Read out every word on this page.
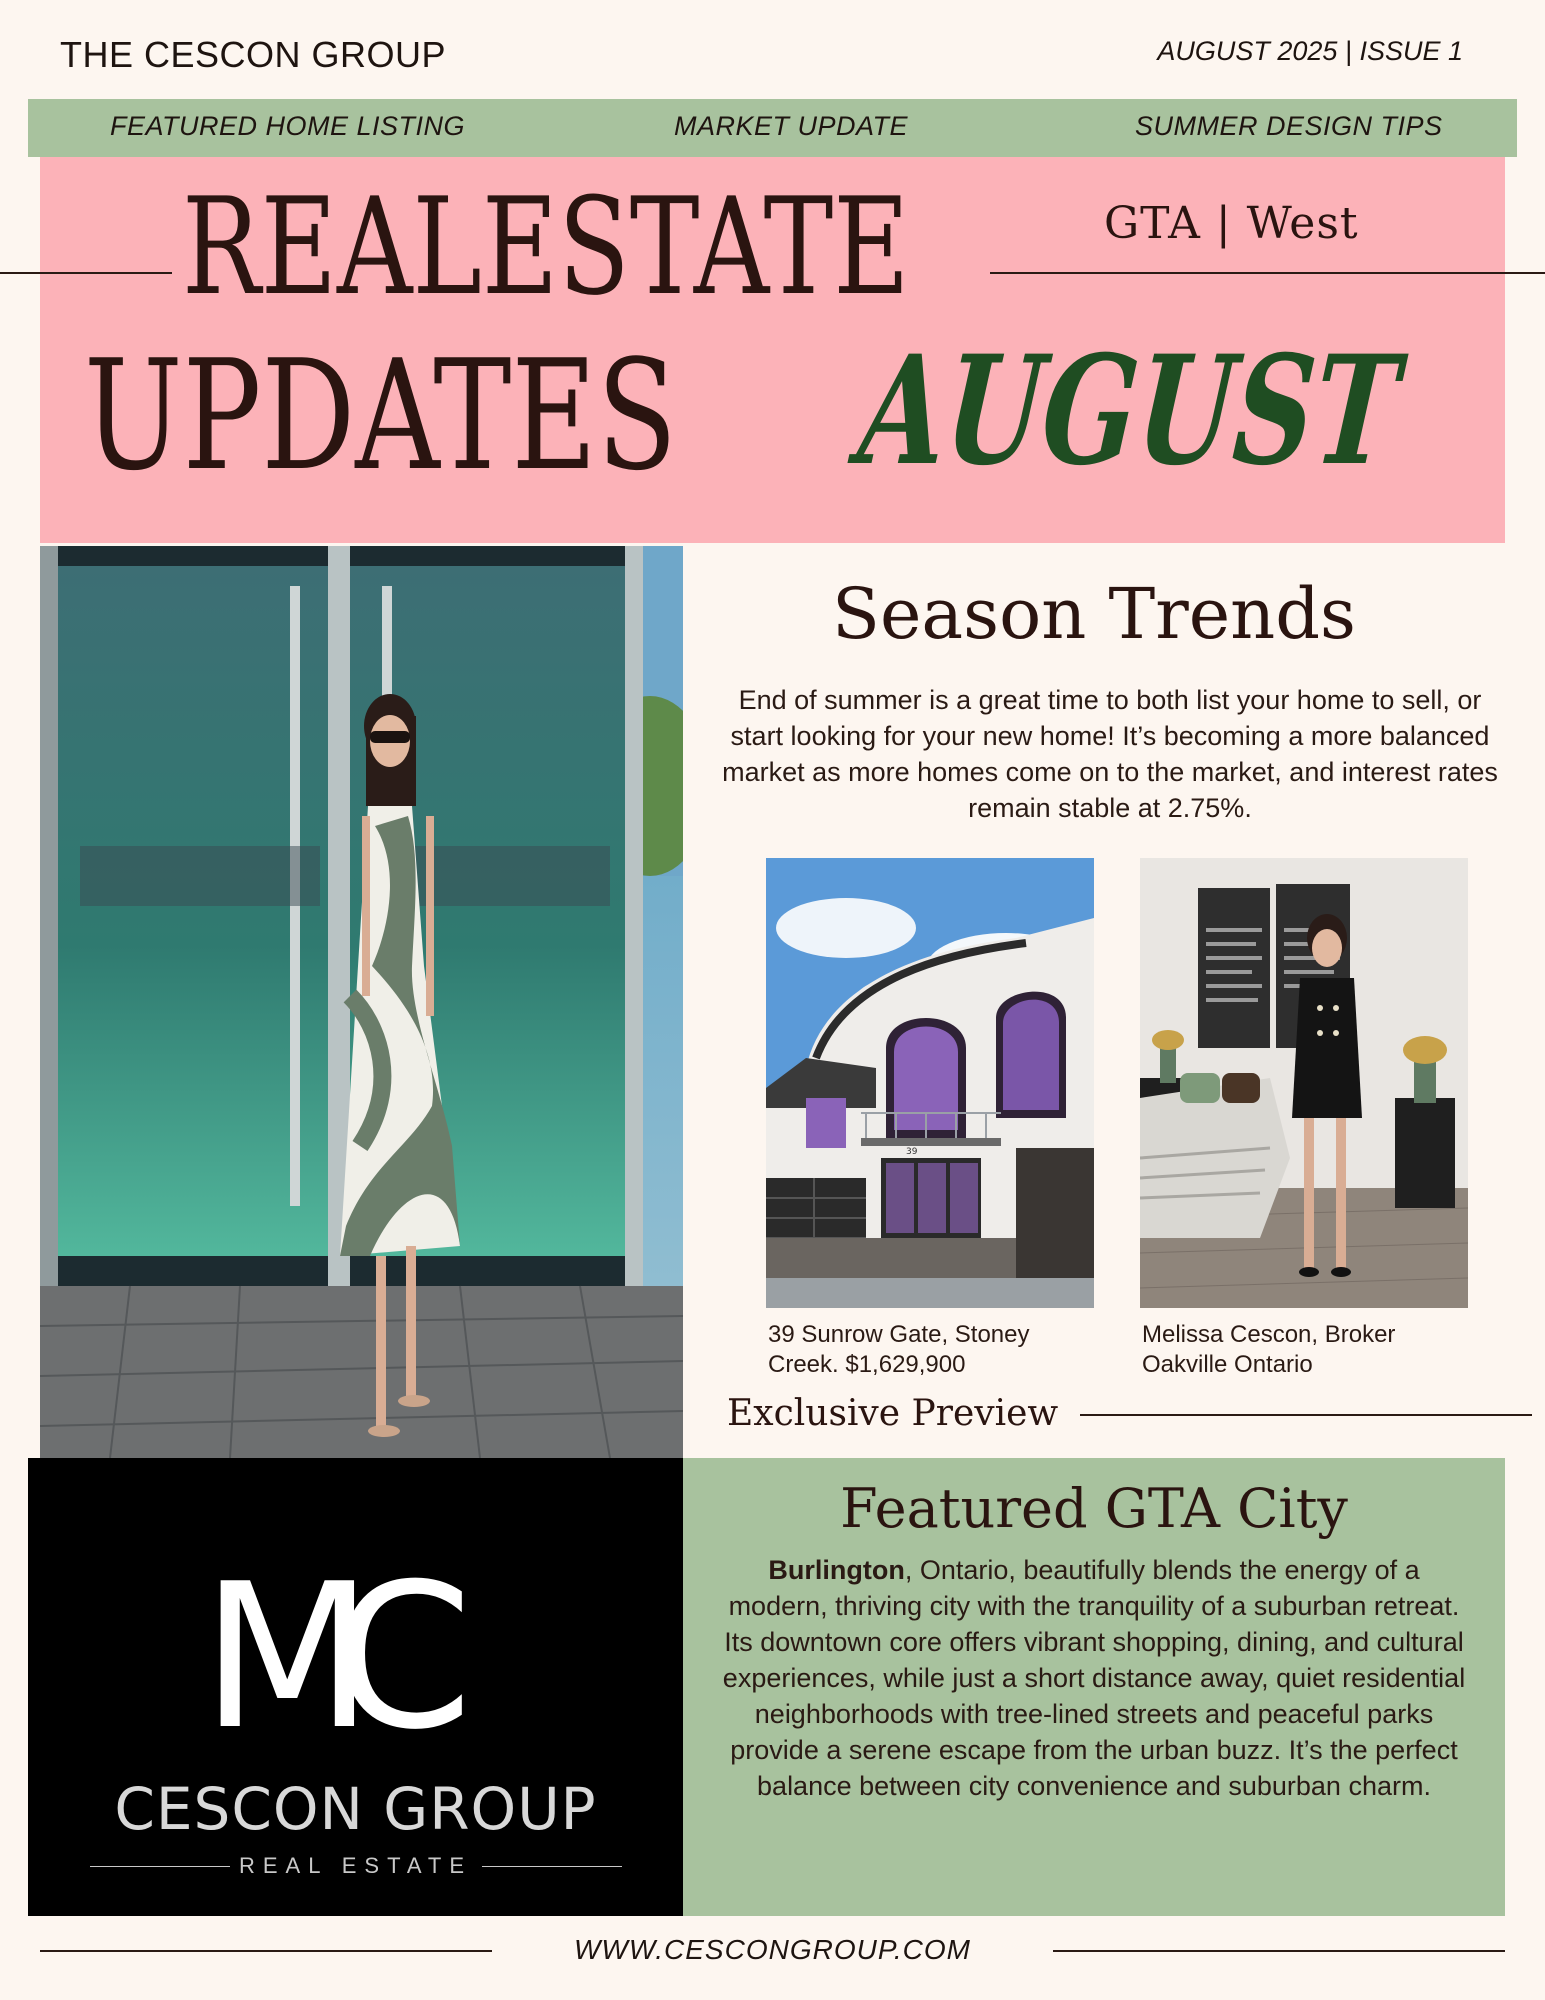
THE CESCON GROUP	AUGUST 2025 | ISSUE 1
FEATURED HOME LISTING	MARKET UPDATE	SUMMER DESIGN TIPS
REALESTATE
UPDATES AUGUST
GTA | West
Season Trends
End of summer is a great time to both list your home to sell, or start looking for your new home! It’s becoming a more balanced market as more homes come on to the market, and interest rates remain stable at 2.75%.
39
39 Sunrow Gate, Stoney
Creek. $1,629,900
Melissa Cescon, Broker
Oakville Ontario
Exclusive Preview
M
C
CESCON GROUP
REAL ESTATE
Featured GTA City
Burlington, Ontario, beautifully blends the energy of a modern, thriving city with the tranquility of a suburban retreat. Its downtown core offers vibrant shopping, dining, and cultural experiences, while just a short distance away, quiet residential neighborhoods with tree-lined streets and peaceful parks provide a serene escape from the urban buzz. It’s the perfect balance between city convenience and suburban charm.
WWW.CESCONGROUP.COM
